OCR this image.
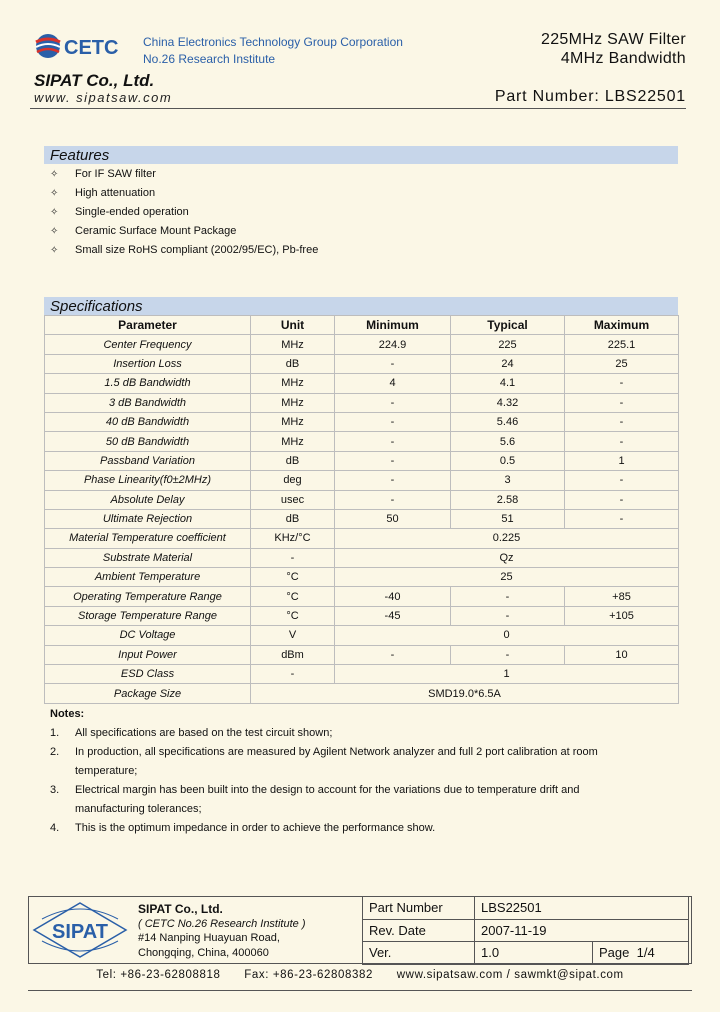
CETC China Electronics Technology Group Corporation
No.26 Research Institute
225MHz SAW Filter
4MHz Bandwidth
SIPAT Co., Ltd.
www. sipatsaw.com	Part Number: LBS22501
Features
✧	For IF SAW filter
✧	High attenuation
✧	Single-ended operation
✧	Ceramic Surface Mount Package
✧	Small size RoHS compliant (2002/95/EC), Pb-free
Specifications
Parameter	Unit	Minimum	Typical	Maximum
Center Frequency	MHz	224.9	225	225.1
Insertion Loss	dB	-	24	25
1.5 dB Bandwidth	MHz	4	4.1	-
3 dB Bandwidth	MHz	-	4.32	-
40 dB Bandwidth	MHz	-	5.46	-
50 dB Bandwidth	MHz	-	5.6	-
Passband Variation	dB	-	0.5	1
Phase Linearity(f0±2MHz)	deg	-	3	-
Absolute Delay	usec	-	2.58	-
Ultimate Rejection	dB	50	51	-
Material Temperature coefficient	KHz/°C	0.225		
Substrate Material	-	Qz		
Ambient Temperature	°C	25		
Operating Temperature Range	°C	-40	-	+85
Storage Temperature Range	°C	-45	-	+105
DC Voltage	V	0		
Input Power	dBm	-	-	10
ESD Class	-	1		
Package Size	SMD19.0*6.5A			
Notes:
1.	All specifications are based on the test circuit shown;
2.	In production, all specifications are measured by Agilent Network analyzer and full 2 port calibration at room temperature;
3.	Electrical margin has been built into the design to account for the variations due to temperature drift and manufacturing tolerances;
4.	This is the optimum impedance in order to achieve the performance show.
SIPAT
SIPAT Co., Ltd.
( CETC No.26 Research Institute )
#14 Nanping Huayuan Road,
Chongqing, China, 400060
Part Number	LBS22501	
Rev. Date	2007-11-19	
Ver.	1.0	Page 1/4
Tel: +86-23-62808818 Fax: +86-23-62808382 www.sipatsaw.com / sawmkt@sipat.com
